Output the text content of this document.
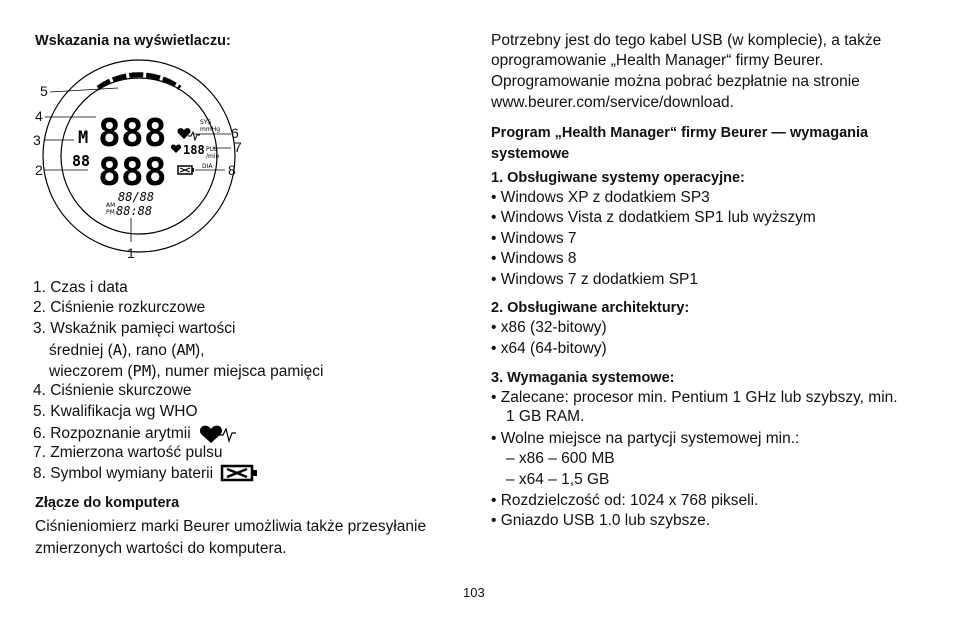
Wskazania na wyświetlaczu:
M
88
888
888
SYS
mmHg
PUL
/min
DIA
188
88/88
AM
PM 88:88
5
4
3
2
6
7
8
1
1. Czas i data
2. Ciśnienie rozkurczowe
3. Wskaźnik pamięci wartości
średniej (A), rano (AM),
wieczorem (PM), numer miejsca pamięci
4. Ciśnienie skurczowe
5. Kwalifikacja wg WHO
6. Rozpoznanie arytmii
7. Zmierzona wartość pulsu
8. Symbol wymiany baterii
Złącze do komputera
Ciśnieniomierz marki Beurer umożliwia także przesyłanie
zmierzonych wartości do komputera.
Potrzebny jest do tego kabel USB (w komplecie), a także
oprogramowanie „Health Manager“ firmy Beurer.
Oprogramowanie można pobrać bezpłatnie na stronie
www.beurer.com/service/download.
Program „Health Manager“ firmy Beurer — wymagania
systemowe
1. Obsługiwane systemy operacyjne:
• Windows XP z dodatkiem SP3
• Windows Vista z dodatkiem SP1 lub wyższym
• Windows 7
• Windows 8
• Windows 7 z dodatkiem SP1
2. Obsługiwane architektury:
• x86 (32-bitowy)
• x64 (64-bitowy)
3. Wymagania systemowe:
• Zalecane: procesor min. Pentium 1 GHz lub szybszy, min.
1 GB RAM.
• Wolne miejsce na partycji systemowej min.:
– x86 – 600 MB
– x64 – 1,5 GB
• Rozdzielczość od: 1024 x 768 pikseli.
• Gniazdo USB 1.0 lub szybsze.
103
